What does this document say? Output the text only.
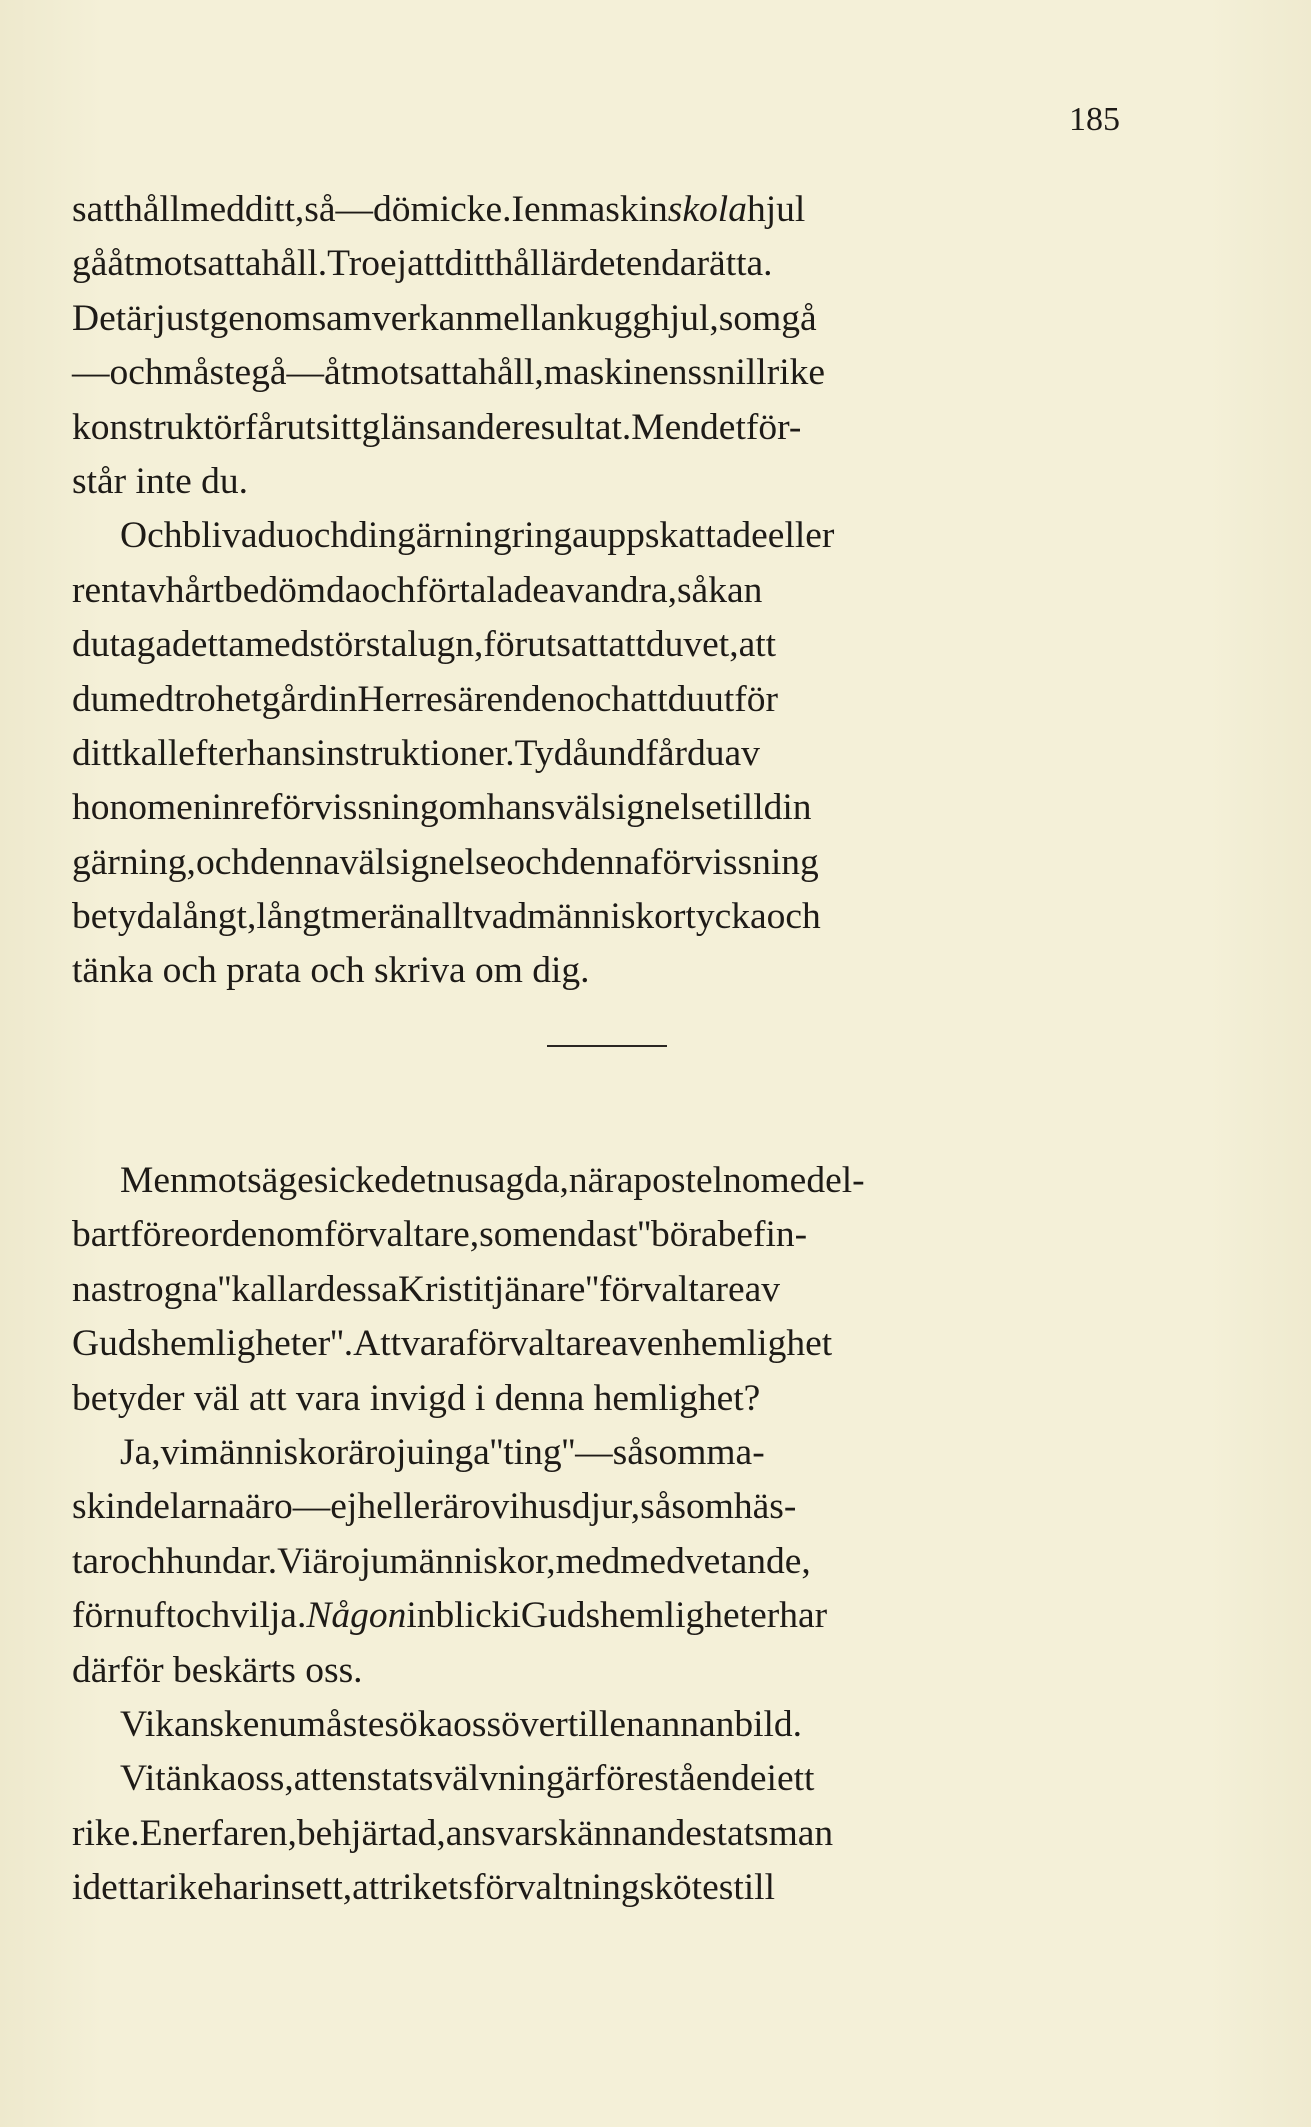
185
satthållmedditt,så—dömicke.Ienmaskinskolahjul
gååtmotsattahåll.Troejattditthållärdetendarätta.
Detärjustgenomsamverkanmellankugghjul,somgå
—ochmåstegå—åtmotsattahåll,maskinenssnillrike
konstruktörfårutsittglänsanderesultat.Mendetför-
står inte du.
Ochblivaduochdingärningringauppskattadeeller
rentavhårtbedömdaochförtaladeavandra,såkan
dutagadettamedstörstalugn,förutsattattduvet,att
dumedtrohetgårdinHerresärendenochattduutför
dittkallefterhansinstruktioner.Tydåundfårduav
honomeninreförvissningomhansvälsignelsetilldin
gärning,ochdennavälsignelseochdennaförvissning
betydalångt,långtmeränalltvadmänniskortyckaoch
tänka och prata och skriva om dig.
Menmotsägesickedetnusagda,närapostelnomedel-
bartföreordenomförvaltare,somendast''börabefin-
nastrogna''kallardessaKristitjänare''förvaltareav
Gudshemligheter''.Attvaraförvaltareavenhemlighet
betyder väl att vara invigd i denna hemlighet?
Ja,vimänniskorärojuinga''ting''—såsomma-
skindelarnaäro—ejhellerärovihusdjur,såsomhäs-
tarochhundar.Viärojumänniskor,medmedvetande,
förnuftochvilja.NågoninblickiGudshemligheterhar
därför beskärts oss.
Vikanskenumåstesökaossövertillenannanbild.
Vitänkaoss,attenstatsvälvningärföreståendeiett
rike.Enerfaren,behjärtad,ansvarskännandestatsman
idettarikeharinsett,attriketsförvaltningskötestill
